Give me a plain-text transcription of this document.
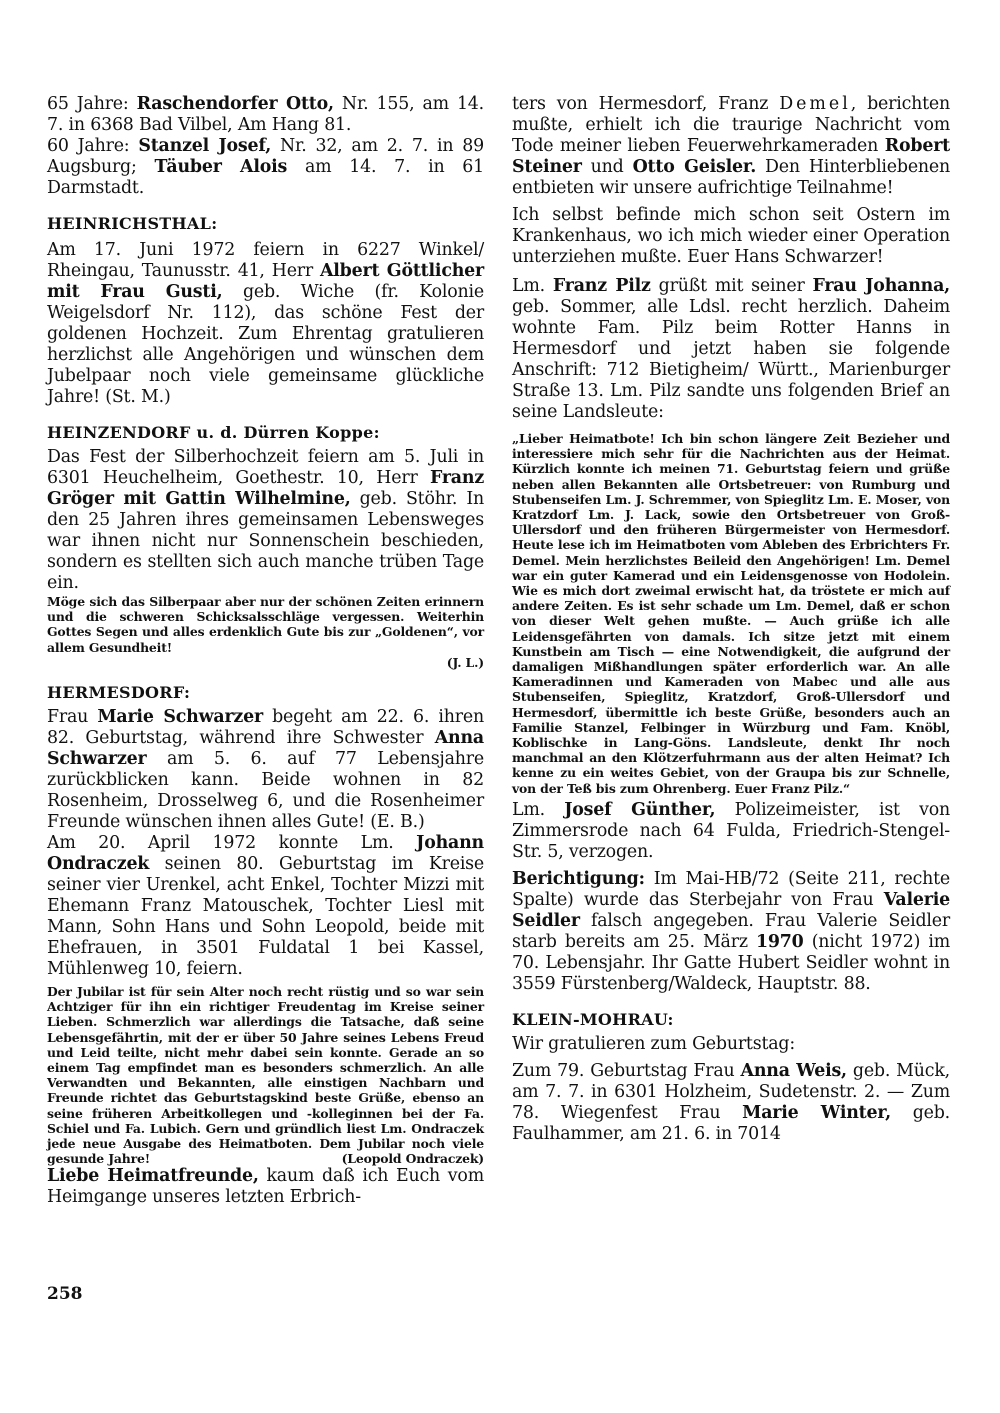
65 Jahre: Raschendorfer Otto, Nr. 155, am 14. 7. in 6368 Bad Vilbel, Am Hang 81.
60 Jahre: Stanzel Josef, Nr. 32, am 2. 7. in 89 Augsburg; Täuber Alois am 14. 7. in 61 Darmstadt.

HEINRICHSTHAL:

Am 17. Juni 1972 feiern in 6227 Winkel/ Rheingau, Taunusstr. 41, Herr Albert Göttlicher mit Frau Gusti, geb. Wiche (fr. Kolonie Weigelsdorf Nr. 112), das schöne Fest der goldenen Hochzeit. Zum Ehrentag gratulieren herzlichst alle Angehörigen und wünschen dem Jubelpaar noch viele gemeinsame glückliche Jahre! (St. M.)

HEINZENDORF u. d. Dürren Koppe:

Das Fest der Silberhochzeit feiern am 5. Juli in 6301 Heuchelheim, Goethestr. 10, Herr Franz Gröger mit Gattin Wilhelmine, geb. Stöhr. In den 25 Jahren ihres gemeinsamen Lebensweges war ihnen nicht nur Sonnenschein beschieden, sondern es stellten sich auch manche trüben Tage ein.

Möge sich das Silberpaar aber nur der schönen Zeiten erinnern und die schweren Schicksalsschläge vergessen. Weiterhin Gottes Segen und alles erdenklich Gute bis zur „Goldenen“, vor allem Gesundheit!
(J. L.)

HERMESDORF:

Frau Marie Schwarzer begeht am 22. 6. ihren 82. Geburtstag, während ihre Schwester Anna Schwarzer am 5. 6. auf 77 Lebensjahre zurückblicken kann. Beide wohnen in 82 Rosenheim, Drosselweg 6, und die Rosenheimer Freunde wünschen ihnen alles Gute! (E. B.)

Am 20. April 1972 konnte Lm. Johann Ondraczek seinen 80. Geburtstag im Kreise seiner vier Urenkel, acht Enkel, Tochter Mizzi mit Ehemann Franz Matouschek, Tochter Liesl mit Mann, Sohn Hans und Sohn Leopold, beide mit Ehefrauen, in 3501 Fuldatal 1 bei Kassel, Mühlenweg 10, feiern.

Der Jubilar ist für sein Alter noch recht rüstig und so war sein Achtziger für ihn ein richtiger Freudentag im Kreise seiner Lieben. Schmerzlich war allerdings die Tatsache, daß seine Lebensgefährtin, mit der er über 50 Jahre seines Lebens Freud und Leid teilte, nicht mehr dabei sein konnte. Gerade an so einem Tag empfindet man es besonders schmerzlich. An alle Verwandten und Bekannten, alle einstigen Nachbarn und Freunde richtet das Geburtstagskind beste Grüße, ebenso an seine früheren Arbeitkollegen und -kolleginnen bei der Fa. Schiel und Fa. Lubich. Gern und gründlich liest Lm. Ondraczek jede neue Ausgabe des Heimatboten. Dem Jubilar noch viele gesunde Jahre!	(Leopold Ondraczek)

Liebe Heimatfreunde, kaum daß ich Euch vom Heimgange unseres letzten Erbrich-

ters von Hermesdorf, Franz Demel, berichten mußte, erhielt ich die traurige Nachricht vom Tode meiner lieben Feuerwehrkameraden Robert Steiner und Otto Geisler. Den Hinterbliebenen entbieten wir unsere aufrichtige Teilnahme!

Ich selbst befinde mich schon seit Ostern im Krankenhaus, wo ich mich wieder einer Operation unterziehen mußte. Euer Hans Schwarzer!

Lm. Franz Pilz grüßt mit seiner Frau Johanna, geb. Sommer, alle Ldsl. recht herzlich. Daheim wohnte Fam. Pilz beim Rotter Hanns in Hermesdorf und jetzt haben sie folgende Anschrift: 712 Bietigheim/ Württ., Marienburger Straße 13. Lm. Pilz sandte uns folgenden Brief an seine Landsleute:

„Lieber Heimatbote! Ich bin schon längere Zeit Bezieher und interessiere mich sehr für die Nachrichten aus der Heimat. Kürzlich konnte ich meinen 71. Geburtstag feiern und grüße neben allen Bekannten alle Ortsbetreuer: von Rumburg und Stubenseifen Lm. J. Schremmer, von Spieglitz Lm. E. Moser, von Kratzdorf Lm. J. Lack, sowie den Ortsbetreuer von Groß-Ullersdorf und den früheren Bürgermeister von Hermesdorf. Heute lese ich im Heimatboten vom Ableben des Erbrichters Fr. Demel. Mein herzlichstes Beileid den Angehörigen! Lm. Demel war ein guter Kamerad und ein Leidensgenosse von Hodolein. Wie es mich dort zweimal erwischt hat, da tröstete er mich auf andere Zeiten. Es ist sehr schade um Lm. Demel, daß er schon von dieser Welt gehen mußte. — Auch grüße ich alle Leidensgefährten von damals. Ich sitze jetzt mit einem Kunstbein am Tisch — eine Notwendigkeit, die aufgrund der damaligen Mißhandlungen später erforderlich war. An alle Kameradinnen und Kameraden von Mabec und alle aus Stubenseifen, Spieglitz, Kratzdorf, Groß-Ullersdorf und Hermesdorf, übermittle ich beste Grüße, besonders auch an Familie Stanzel, Felbinger in Würzburg und Fam. Knöbl, Koblischke in Lang-Göns. Landsleute, denkt Ihr noch manchmal an den Klötzerfuhrmann aus der alten Heimat? Ich kenne zu ein weites Gebiet, von der Graupa bis zur Schnelle, von der Teß bis zum Ohrenberg. Euer Franz Pilz.“

Lm. Josef Günther, Polizeimeister, ist von Zimmersrode nach 64 Fulda, Friedrich-Stengel-Str. 5, verzogen.

Berichtigung: Im Mai-HB/72 (Seite 211, rechte Spalte) wurde das Sterbejahr von Frau Valerie Seidler falsch angegeben. Frau Valerie Seidler starb bereits am 25. März 1970 (nicht 1972) im 70. Lebensjahr. Ihr Gatte Hubert Seidler wohnt in 3559 Fürstenberg/Waldeck, Hauptstr. 88.

KLEIN-MOHRAU:

Wir gratulieren zum Geburtstag:

Zum 79. Geburtstag Frau Anna Weis, geb. Mück, am 7. 7. in 6301 Holzheim, Sudetenstr. 2. — Zum 78. Wiegenfest Frau Marie Winter, geb. Faulhammer, am 21. 6. in 7014

258
